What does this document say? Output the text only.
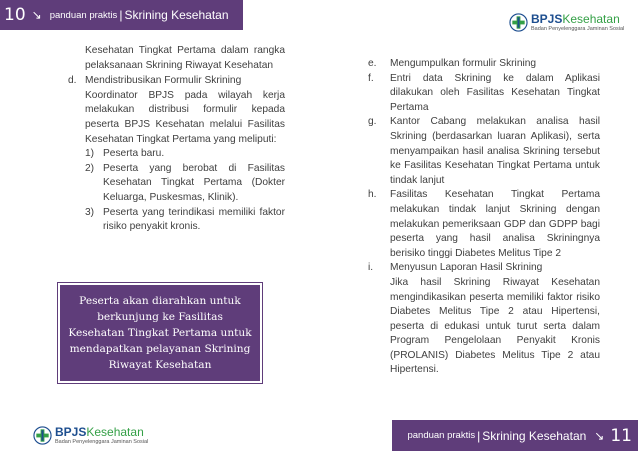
10 ↘ panduan praktis | Skrining Kesehatan	BPJSKesehatan
Badan Penyelenggara Jaminan Sosial
Kesehatan Tingkat Pertama dalam rangka pelaksanaan Skrining Riwayat Kesehatan
d. Mendistribusikan Formulir Skrining
Koordinator BPJS pada wilayah kerja melakukan distribusi formulir kepada peserta BPJS Kesehatan melalui Fasilitas Kesehatan Tingkat Pertama yang meliputi:
1) Peserta baru.
2) Peserta yang berobat di Fasilitas Kesehatan Tingkat Pertama (Dokter Keluarga, Puskesmas, Klinik).
3) Peserta yang terindikasi memiliki faktor risiko penyakit kronis.

Peserta akan diarahkan untuk berkunjung ke Fasilitas Kesehatan Tingkat Pertama untuk mendapatkan pelayanan Skrining Riwayat Kesehatan

e. Mengumpulkan formulir Skrining
f. Entri data Skrining ke dalam Aplikasi dilakukan oleh Fasilitas Kesehatan Tingkat Pertama
g. Kantor Cabang melakukan analisa hasil Skrining (berdasarkan luaran Aplikasi), serta menyampaikan hasil analisa Skrining tersebut ke Fasilitas Kesehatan Tingkat Pertama untuk tindak lanjut
h. Fasilitas Kesehatan Tingkat Pertama melakukan tindak lanjut Skrining dengan melakukan pemeriksaan GDP dan GDPP bagi peserta yang hasil analisa Skriningnya berisiko tinggi Diabetes Melitus Tipe 2
i. Menyusun Laporan Hasil Skrining
Jika hasil Skrining Riwayat Kesehatan mengindikasikan peserta memiliki faktor risiko Diabetes Melitus Tipe 2 atau Hipertensi, peserta di edukasi untuk turut serta dalam Program Pengelolaan Penyakit Kronis (PROLANIS) Diabetes Melitus Tipe 2 atau Hipertensi.
BPJSKesehatan
Badan Penyelenggara Jaminan Sosial
panduan praktis | Skrining Kesehatan ↘ 11
